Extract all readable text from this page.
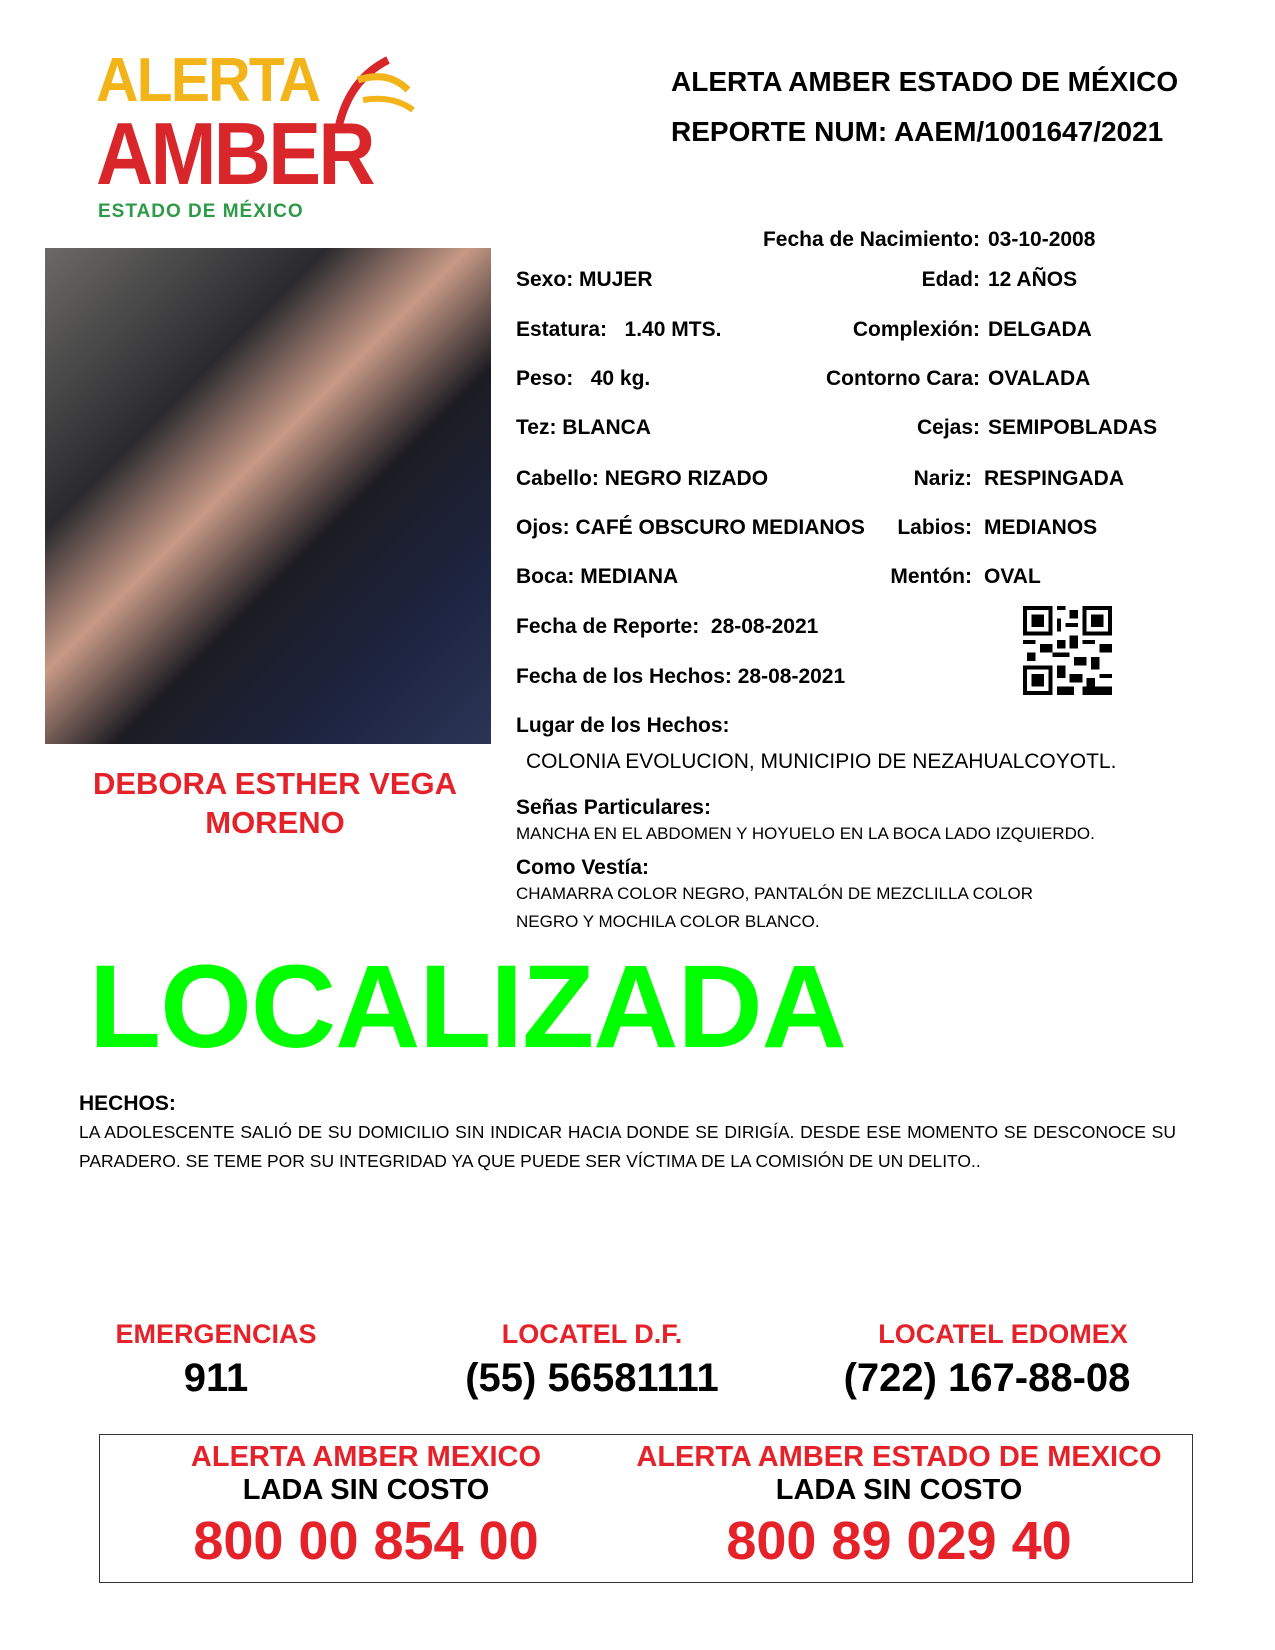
ALERTA
AMBER
ESTADO DE MÉXICO
ALERTA AMBER ESTADO DE MÉXICO
REPORTE NUM: AAEM/1001647/2021
DEBORA ESTHER VEGA
MORENO
LOCALIZADA
Fecha de Nacimiento: 03-10-2008
Sexo: MUJER	Edad: 12 AÑOS
Estatura: 1.40 MTS.	Complexión: DELGADA
Peso: 40 kg.	Contorno Cara: OVALADA
Tez: BLANCA	Cejas: SEMIPOBLADAS
Cabello: NEGRO RIZADO	Nariz: RESPINGADA
Ojos: CAFÉ OBSCURO MEDIANOS	Labios: MEDIANOS
Boca: MEDIANA	Mentón: OVAL
Fecha de Reporte: 28-08-2021
Fecha de los Hechos: 28-08-2021
Lugar de los Hechos:
COLONIA EVOLUCION, MUNICIPIO DE NEZAHUALCOYOTL.
Señas Particulares:
MANCHA EN EL ABDOMEN Y HOYUELO EN LA BOCA LADO IZQUIERDO.
Como Vestía:
CHAMARRA COLOR NEGRO, PANTALÓN DE MEZCLILLA COLOR
NEGRO Y MOCHILA COLOR BLANCO.
HECHOS:
LA ADOLESCENTE SALIÓ DE SU DOMICILIO SIN INDICAR HACIA DONDE SE DIRIGÍA. DESDE ESE MOMENTO SE DESCONOCE SU PARADERO. SE TEME POR SU INTEGRIDAD YA QUE PUEDE SER VÍCTIMA DE LA COMISIÓN DE UN DELITO..
EMERGENCIAS
911
LOCATEL D.F.
(55) 56581111
LOCATEL EDOMEX
(722) 167-88-08
ALERTA AMBER MEXICO
LADA SIN COSTO
800 00 854 00
ALERTA AMBER ESTADO DE MEXICO
LADA SIN COSTO
800 89 029 40
